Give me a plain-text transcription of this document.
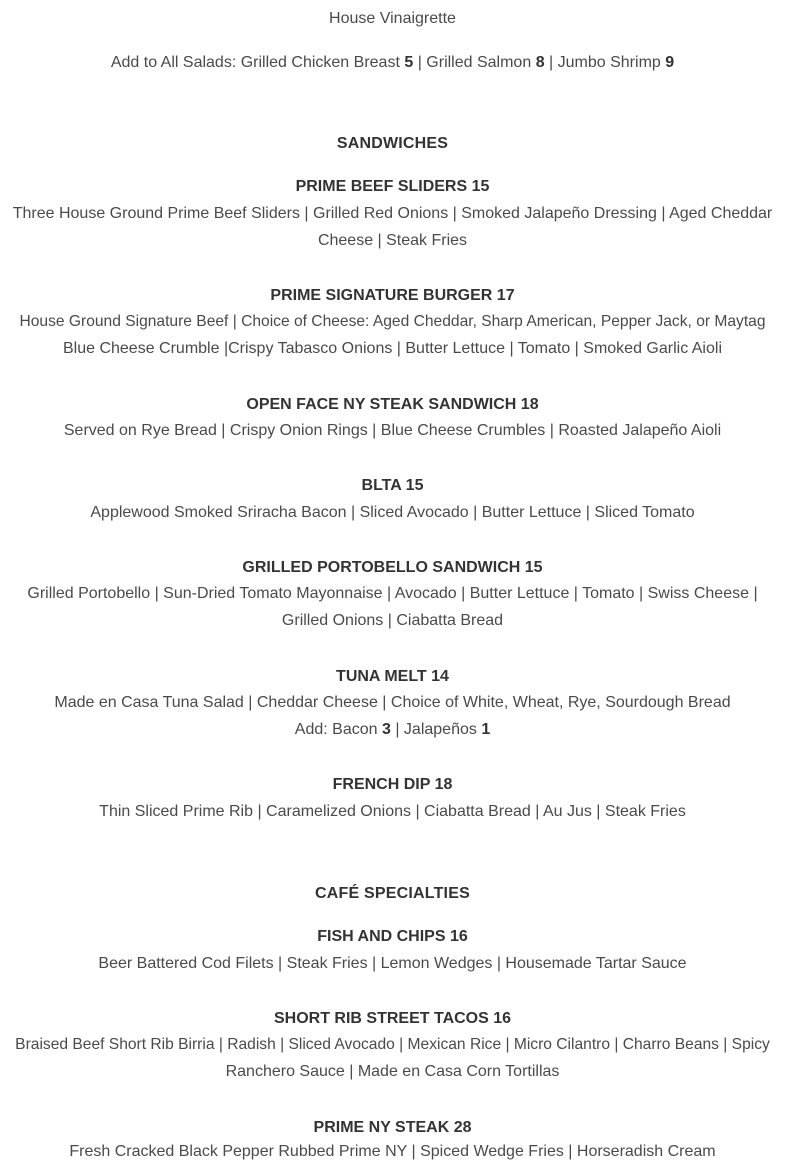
House Vinaigrette
Add to All Salads: Grilled Chicken Breast 5 | Grilled Salmon 8 | Jumbo Shrimp 9
SANDWICHES
PRIME BEEF SLIDERS 15
Three House Ground Prime Beef Sliders | Grilled Red Onions | Smoked Jalapeño Dressing | Aged Cheddar
Cheese | Steak Fries
PRIME SIGNATURE BURGER 17
House Ground Signature Beef | Choice of Cheese: Aged Cheddar, Sharp American, Pepper Jack, or Maytag
Blue Cheese Crumble |Crispy Tabasco Onions | Butter Lettuce | Tomato | Smoked Garlic Aioli
OPEN FACE NY STEAK SANDWICH 18
Served on Rye Bread | Crispy Onion Rings | Blue Cheese Crumbles | Roasted Jalapeño Aioli
BLTA 15
Applewood Smoked Sriracha Bacon | Sliced Avocado | Butter Lettuce | Sliced Tomato
GRILLED PORTOBELLO SANDWICH 15
Grilled Portobello | Sun-Dried Tomato Mayonnaise | Avocado | Butter Lettuce | Tomato | Swiss Cheese |
Grilled Onions | Ciabatta Bread
TUNA MELT 14
Made en Casa Tuna Salad | Cheddar Cheese | Choice of White, Wheat, Rye, Sourdough Bread
Add: Bacon 3 | Jalapeños 1
FRENCH DIP 18
Thin Sliced Prime Rib | Caramelized Onions | Ciabatta Bread | Au Jus | Steak Fries
CAFÉ SPECIALTIES
FISH AND CHIPS 16
Beer Battered Cod Filets | Steak Fries | Lemon Wedges | Housemade Tartar Sauce
SHORT RIB STREET TACOS 16
Braised Beef Short Rib Birria | Radish | Sliced Avocado | Mexican Rice | Micro Cilantro | Charro Beans | Spicy
Ranchero Sauce | Made en Casa Corn Tortillas
PRIME NY STEAK 28
Fresh Cracked Black Pepper Rubbed Prime NY | Spiced Wedge Fries | Horseradish Cream
